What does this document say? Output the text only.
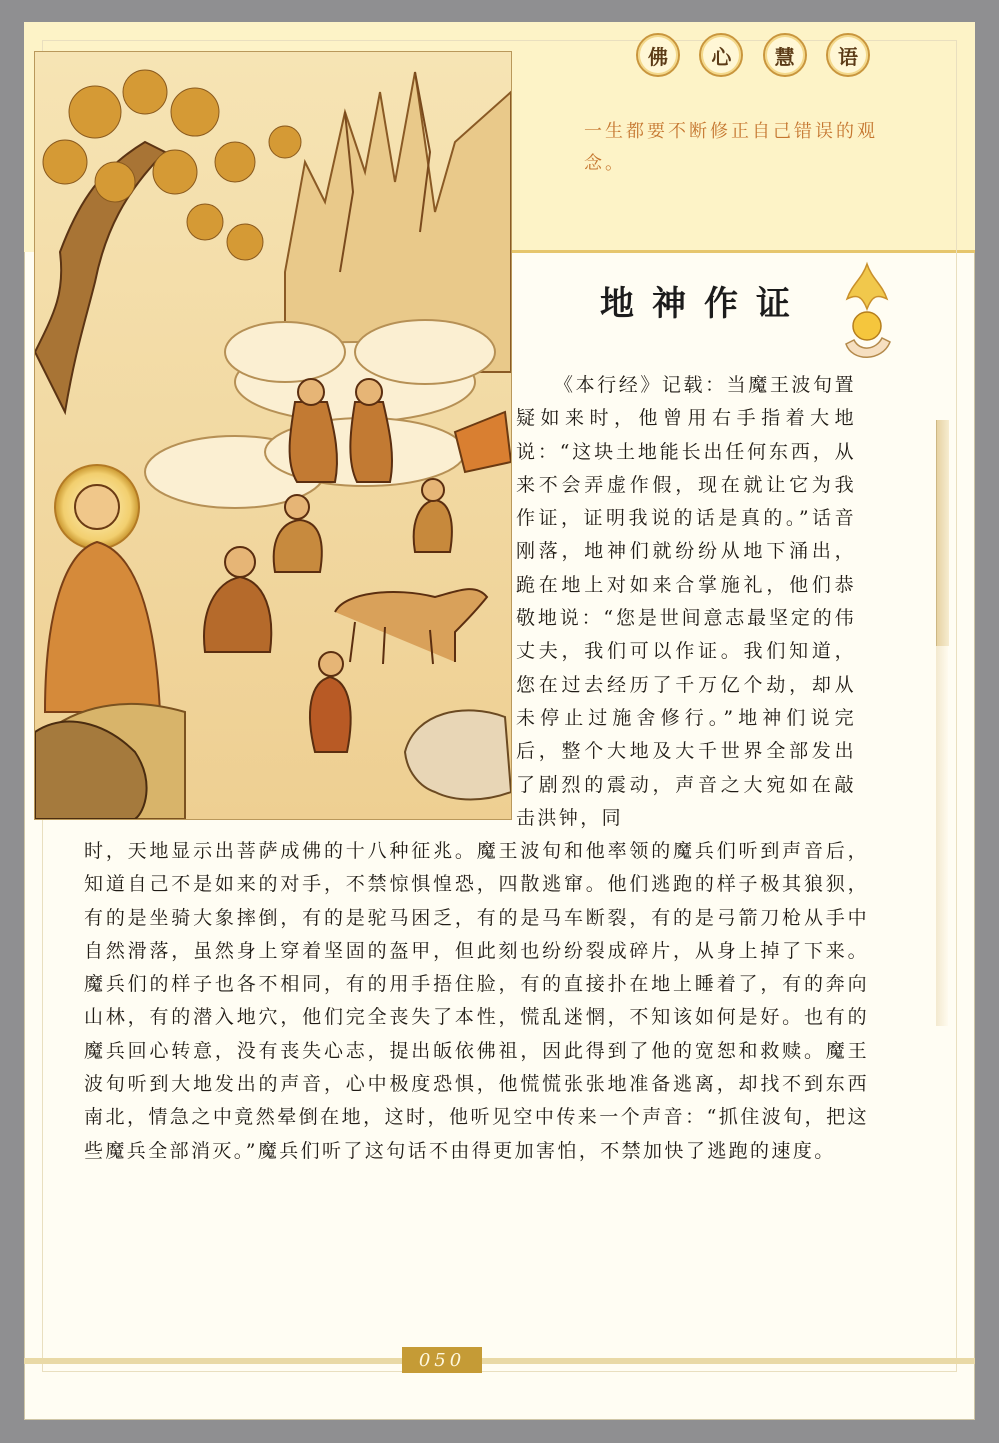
佛	心	慧	语
一生都要不断修正自己错误的观念。
地神作证
《本行经》记载：当魔王波旬置疑如来时，他曾用右手指着大地说：“这块土地能长出任何东西，从来不会弄虚作假，现在就让它为我作证，证明我说的话是真的。”话音刚落，地神们就纷纷从地下涌出，跪在地上对如来合掌施礼，他们恭敬地说：“您是世间意志最坚定的伟丈夫，我们可以作证。我们知道，您在过去经历了千万亿个劫，却从未停止过施舍修行。”地神们说完后，整个大地及大千世界全部发出了剧烈的震动，声音之大宛如在敲击洪钟，同
时，天地显示出菩萨成佛的十八种征兆。魔王波旬和他率领的魔兵们听到声音后，知道自己不是如来的对手，不禁惊惧惶恐，四散逃窜。他们逃跑的样子极其狼狈，有的是坐骑大象摔倒，有的是驼马困乏，有的是马车断裂，有的是弓箭刀枪从手中自然滑落，虽然身上穿着坚固的盔甲，但此刻也纷纷裂成碎片，从身上掉了下来。魔兵们的样子也各不相同，有的用手捂住脸，有的直接扑在地上睡着了，有的奔向山林，有的潜入地穴，他们完全丧失了本性，慌乱迷惘，不知该如何是好。也有的魔兵回心转意，没有丧失心志，提出皈依佛祖，因此得到了他的宽恕和救赎。魔王波旬听到大地发出的声音，心中极度恐惧，他慌慌张张地准备逃离，却找不到东西南北，情急之中竟然晕倒在地，这时，他听见空中传来一个声音：“抓住波旬，把这些魔兵全部消灭。”魔兵们听了这句话不由得更加害怕，不禁加快了逃跑的速度。
050
